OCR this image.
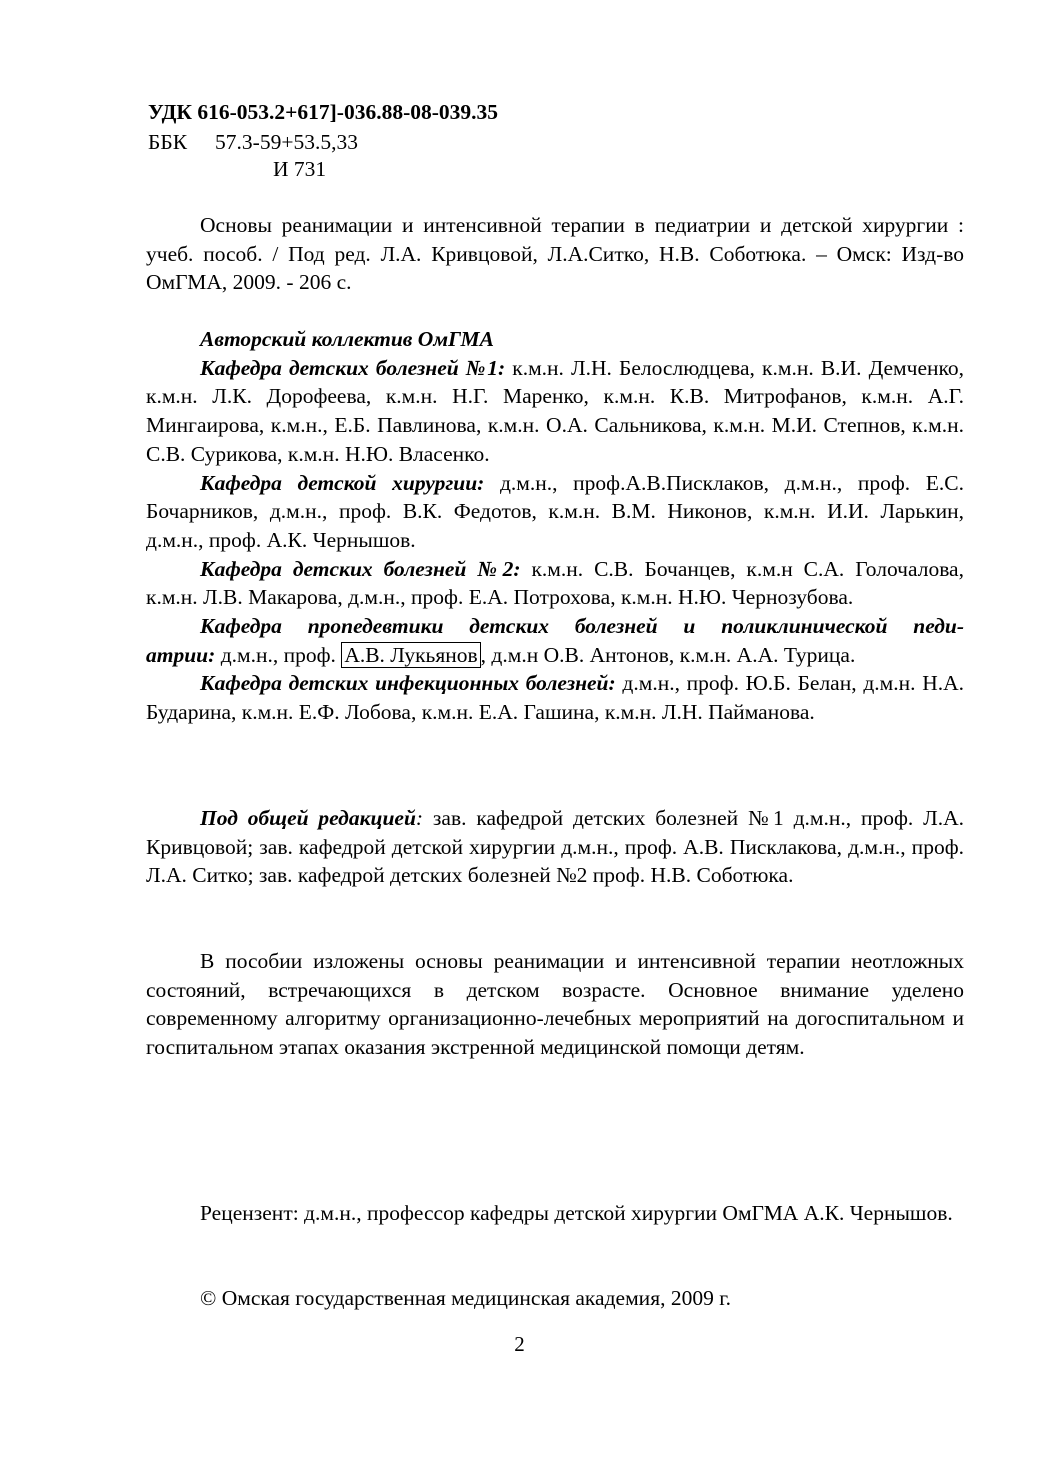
УДК 616-053.2+617]-036.88-08-039.35
ББК 57.3-59+53.5,33
И 731

Основы реанимации и интенсивной терапии в педиатрии и детской хирургии : учеб. пособ. / Под ред. Л.А. Кривцовой, Л.А.Ситко, Н.В. Соботюка. – Омск: Изд-во ОмГМА, 2009. - 206 с.

Авторский коллектив ОмГМА

Кафедра детских болезней №1: к.м.н. Л.Н. Белослюдцева, к.м.н. В.И. Демченко, к.м.н. Л.К. Дорофеева, к.м.н. Н.Г. Маренко, к.м.н. К.В. Митрофанов, к.м.н. А.Г. Мингаирова, к.м.н., Е.Б. Павлинова, к.м.н. О.А. Сальникова, к.м.н. М.И. Степнов, к.м.н. С.В. Сурикова, к.м.н. Н.Ю. Власенко.

Кафедра детской хирургии: д.м.н., проф.А.В.Писклаков, д.м.н., проф. Е.С. Бочарников, д.м.н., проф. В.К. Федотов, к.м.н. В.М. Никонов, к.м.н. И.И. Ларькин, д.м.н., проф. А.К. Чернышов.

Кафедра детских болезней №2: к.м.н. С.В. Бочанцев, к.м.н С.А. Голочалова, к.м.н. Л.В. Макарова, д.м.н., проф. Е.А. Потрохова, к.м.н. Н.Ю. Чернозубова.

Кафедра пропедевтики детских болезней и поликлинической педи-

атрии: д.м.н., проф. А.В. Лукьянов , д.м.н О.В. Антонов, к.м.н. А.А. Турица.

Кафедра детских инфекционных болезней: д.м.н., проф. Ю.Б. Белан, д.м.н. Н.А. Бударина, к.м.н. Е.Ф. Лобова, к.м.н. Е.А. Гашина, к.м.н. Л.Н. Пайманова.

Под общей редакцией: зав. кафедрой детских болезней №1 д.м.н., проф. Л.А. Кривцовой; зав. кафедрой детской хирургии д.м.н., проф. А.В. Писклакова, д.м.н., проф. Л.А. Ситко; зав. кафедрой детских болезней №2 проф. Н.В. Соботюка.

В пособии изложены основы реанимации и интенсивной терапии неотложных состояний, встречающихся в детском возрасте. Основное внимание уделено современному алгоритму организационно-лечебных мероприятий на догоспитальном и госпитальном этапах оказания экстренной медицинской помощи детям.

Рецензент: д.м.н., профессор кафедры детской хирургии ОмГМА А.К. Чернышов.

© Омская государственная медицинская академия, 2009 г.

2
